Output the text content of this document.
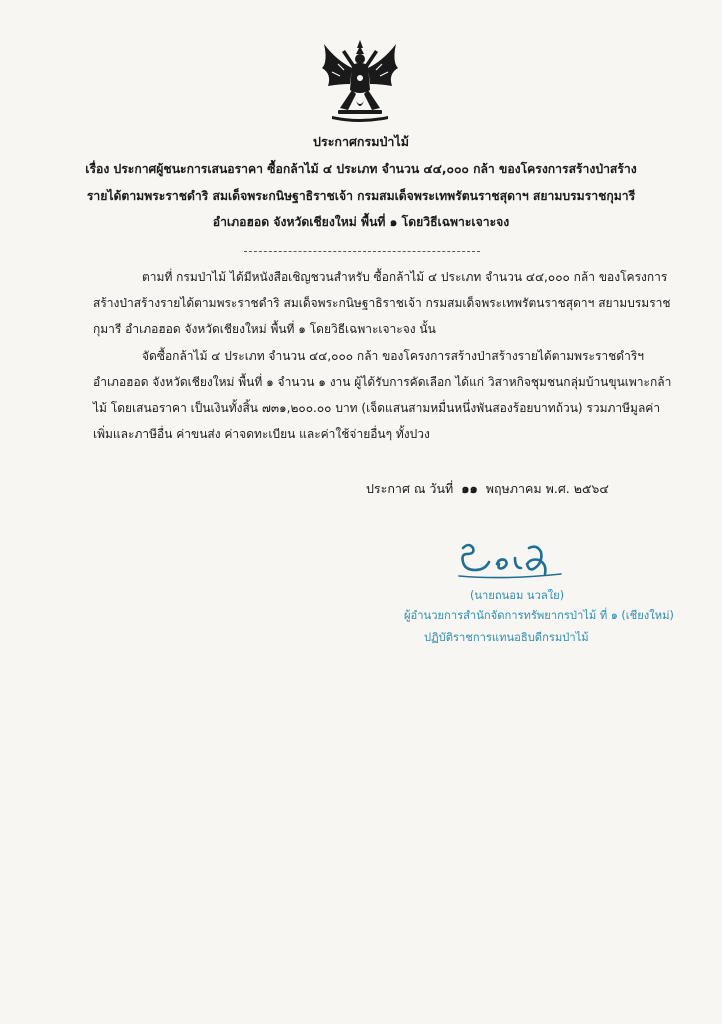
ประกาศกรมป่าไม้
เรื่อง ประกาศผู้ชนะการเสนอราคา ซื้อกล้าไม้ ๔ ประเภท จำนวน ๔๔,๐๐๐ กล้า ของโครงการสร้างป่าสร้าง
รายได้ตามพระราชดำริ สมเด็จพระกนิษฐาธิราชเจ้า กรมสมเด็จพระเทพรัตนราชสุดาฯ สยามบรมราชกุมารี
อำเภอฮอด จังหวัดเชียงใหม่ พื้นที่ ๑ โดยวิธีเฉพาะเจาะจง
ตามที่ กรมป่าไม้ ได้มีหนังสือเชิญชวนสำหรับ ซื้อกล้าไม้ ๔ ประเภท จำนวน ๔๔,๐๐๐ กล้า ของโครงการ
สร้างป่าสร้างรายได้ตามพระราชดำริ สมเด็จพระกนิษฐาธิราชเจ้า กรมสมเด็จพระเทพรัตนราชสุดาฯ สยามบรมราช
กุมารี อำเภอฮอด จังหวัดเชียงใหม่ พื้นที่ ๑ โดยวิธีเฉพาะเจาะจง นั้น
จัดซื้อกล้าไม้ ๔ ประเภท จำนวน ๔๔,๐๐๐ กล้า ของโครงการสร้างป่าสร้างรายได้ตามพระราชดำริฯ
อำเภอฮอด จังหวัดเชียงใหม่ พื้นที่ ๑ จำนวน ๑ งาน ผู้ได้รับการคัดเลือก ได้แก่ วิสาหกิจชุมชนกลุ่มบ้านขุนเพาะกล้า
ไม้ โดยเสนอราคา เป็นเงินทั้งสิ้น ๗๓๑,๒๐๐.๐๐ บาท (เจ็ดแสนสามหมื่นหนึ่งพันสองร้อยบาทถ้วน) รวมภาษีมูลค่า
เพิ่มและภาษีอื่น ค่าขนส่ง ค่าจดทะเบียน และค่าใช้จ่ายอื่นๆ ทั้งปวง
ประกาศ ณ วันที่ ๑๑ พฤษภาคม พ.ศ. ๒๕๖๔
(นายถนอม นวลใย)
ผู้อำนวยการสำนักจัดการทรัพยากรป่าไม้ ที่ ๑ (เชียงใหม่)
ปฏิบัติราชการแทนอธิบดีกรมป่าไม้
